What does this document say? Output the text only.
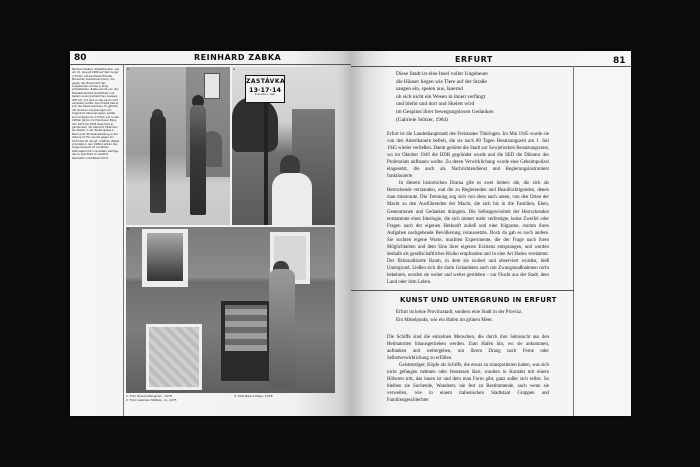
80	REINHARD ZABKA
Reinhard Zabka, Objektkünstler, war am 21. August 1968 auf dem Anger in Erfurt, als die Polizei Erfurter Menschen zusammendrosch, die gegen den Einmarsch der sowjetischen Armee in Prag protestierten. Zabka wurde von den Staatssicherheit identifiziert und bekam einen polizeilichen Ausweis (PM 12), mit dem er das Land nicht verlassen durfte. Aus Protest ließ er sich die Haare wachsen. Er gehörte mit anderen Langhaarigen am Angerzum Saisongruppen, später zum Untergrund in Erfurt und in den 1980er Jahren im Prenzlauer Berg. Von 1974 bis 1978 bewohnte er gemeinsam mit Albrecht Hillemann ein Atelier in der Taubengasse 1. Nach einer Einzelausstellung in der Galerie im Flur wurde gegen ihn 1979 das IM „Kunst“ eröffnet. Zabka gründete in den 1990er Jahren das Lügenmuseum im Landkreis Zeltungskirche in Gnesteln Gantige, das er seit 2012 im Gasthof Serkowitz in Radebeul führt.
1
ZASTÁVKA
13·17·14
NOVÉ MĚSTO · NÁM.
2
3
1: Foto Roland Bergmen, 1978
2: Foto Gabriele Stötzer, ca. 1975
3: Foto Bernd Hape, 1978
ERFURT	81
Diese Stadt ist eine Insel voller Ungeheuer
die Häuser liegen wie Tiere auf der Straße
saugen ein, speien aus, lauernd
ob sich nicht ein Wesen in ihnen verfängt
und bleibt und dort und Skelett wird
im Gespinst ihrer bewegungslosen Gedanken
(Gabriele Stötzer, 1984)

Erfurt ist die Landeshauptstadt des Freistaates Thüringen. Im Mai 1945 wurde sie von den Amerikanern befreit, die sie nach 80 Tagen Besatzungszeit am 1. Juli 1945 wieder verließen. Damit gehörte die Stadt zur Sowjetischen Besatzungszone, wo im Oktober 1949 die DDR gegründet wurde und die SED die Diktatur des Proletariats aufbauen wollte. Zu deren Verwirklichung wurde eine Geheimpolizei eingesetzt, die auch als Nachrichtendienst und Regierungsinstrument funktionierte.

In diesem historischen Drama gibt es zwei Seiten: die, die sich als Herrschende verstanden, und die zu Regierenden und Beaufsichtigenden, denen man misstraute. Die Trennung zog sich von oben nach unten, von den Orten der Macht zu den Ausführenden der Macht, die sich bis in die Familien, Ehen, Generationen und Gedanken drängten. Die Selbstgewissheit der Herrschenden entstammte einer Ideologie, die sich immer mehr verfestigte, keine Zweifel oder Fragen nach der eigenen Herkunft zuließ und eine folgsame, stumm ihren Aufgaben nachgehende Bevölkerung voraussetzte. Doch da gab es noch andere. Sie suchten eigene Worte, machten Experimente, die der Frage nach ihren Möglichkeiten und dem Sinn ihrer eigenen Existenz entsprangen, und wurden deshalb als gesellschaftliches Risiko empfunden und in eine Art Hades verdammt. Der fiktionalisierte Raum, in dem sie isoliert und observiert wurden, hieß Untergrund. Ließen sich die darin Gelandeten auch mit Zwangsmaßnahmen nicht bekehren, wurden sie weiter und weiter getrieben – zur Flucht aus der Stadt, dem Land oder dem Leben.

KUNST UND UNTERGRUND IN ERFURT
Erfurt ist keine Provinzstadt, sondern eine Stadt in der Provinz.
Ein Mittelpunkt, wie ein Hafen im grünen Meer.

Die Schiffe sind die einzelnen Menschen, die durch ihre Sehnsucht aus den Heimatorten hinausgetrieben werden. Zum Hafen hin, wo sie ankommen, auftanken und weitergeben, um ihrem Drang nach Ferne oder Selbstverwirklichung zu erfüllen.

Geistesträger, Köpfe als Schiffe, die etwas zu transportieren haben, was sich nicht gefangen nehmen oder festsetzen lässt, sondern in Kontakt mit einem Höheren tritt, das innen ist und dem man Form gibt, ganz außer sich selbst. So bleiben sie Suchende, Wanderer, nie fest zu Bestimmende, auch wenn sie verweilen, wie in einem italienischen Stadtstaat Gruppen und Familiengeschlechter
